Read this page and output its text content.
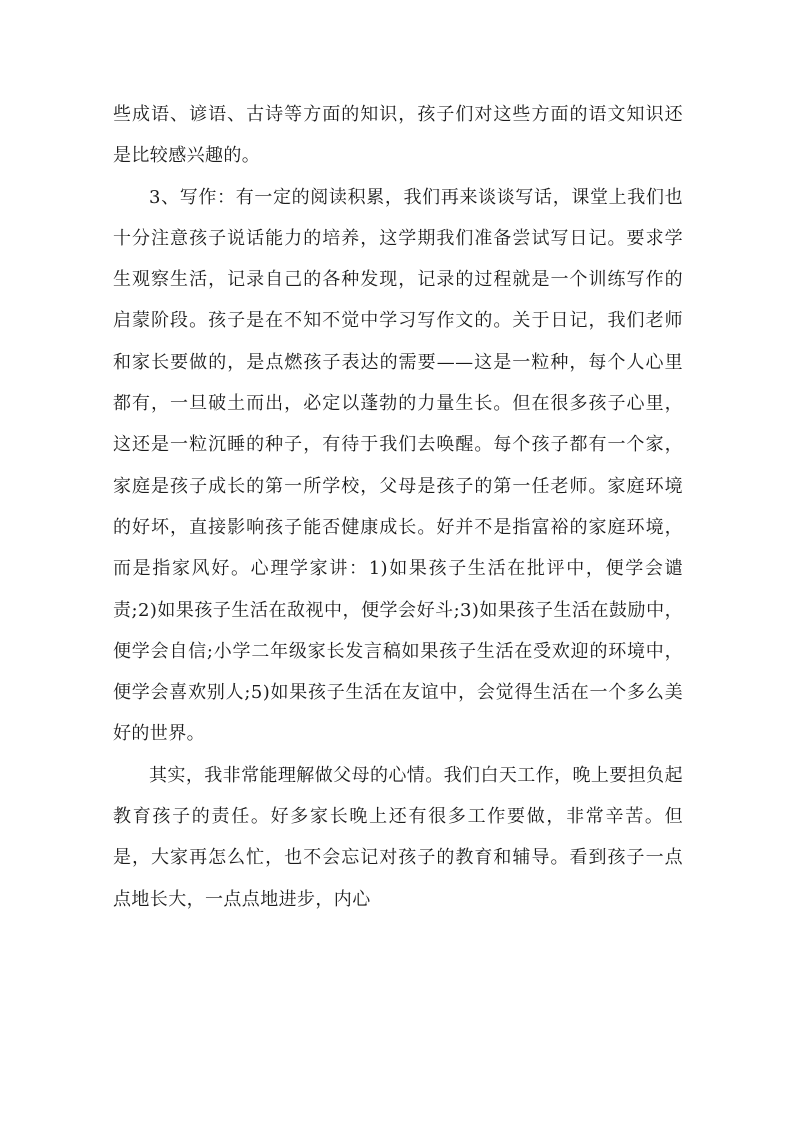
些成语、谚语、古诗等方面的知识，孩子们对这些方面的语文知识还是比较感兴趣的。

3、写作：有一定的阅读积累，我们再来谈谈写话，课堂上我们也十分注意孩子说话能力的培养，这学期我们准备尝试写日记。要求学生观察生活，记录自己的各种发现，记录的过程就是一个训练写作的启蒙阶段。孩子是在不知不觉中学习写作文的。关于日记，我们老师和家长要做的，是点燃孩子表达的需要——这是一粒种，每个人心里都有，一旦破土而出，必定以蓬勃的力量生长。但在很多孩子心里，这还是一粒沉睡的种子，有待于我们去唤醒。每个孩子都有一个家，家庭是孩子成长的第一所学校，父母是孩子的第一任老师。家庭环境的好坏，直接影响孩子能否健康成长。好并不是指富裕的家庭环境，而是指家风好。心理学家讲：1)如果孩子生活在批评中，便学会谴责;2)如果孩子生活在敌视中，便学会好斗;3)如果孩子生活在鼓励中，便学会自信;小学二年级家长发言稿如果孩子生活在受欢迎的环境中，便学会喜欢别人;5)如果孩子生活在友谊中，会觉得生活在一个多么美好的世界。

其实，我非常能理解做父母的心情。我们白天工作，晚上要担负起教育孩子的责任。好多家长晚上还有很多工作要做，非常辛苦。但是，大家再怎么忙，也不会忘记对孩子的教育和辅导。看到孩子一点点地长大，一点点地进步，内心
